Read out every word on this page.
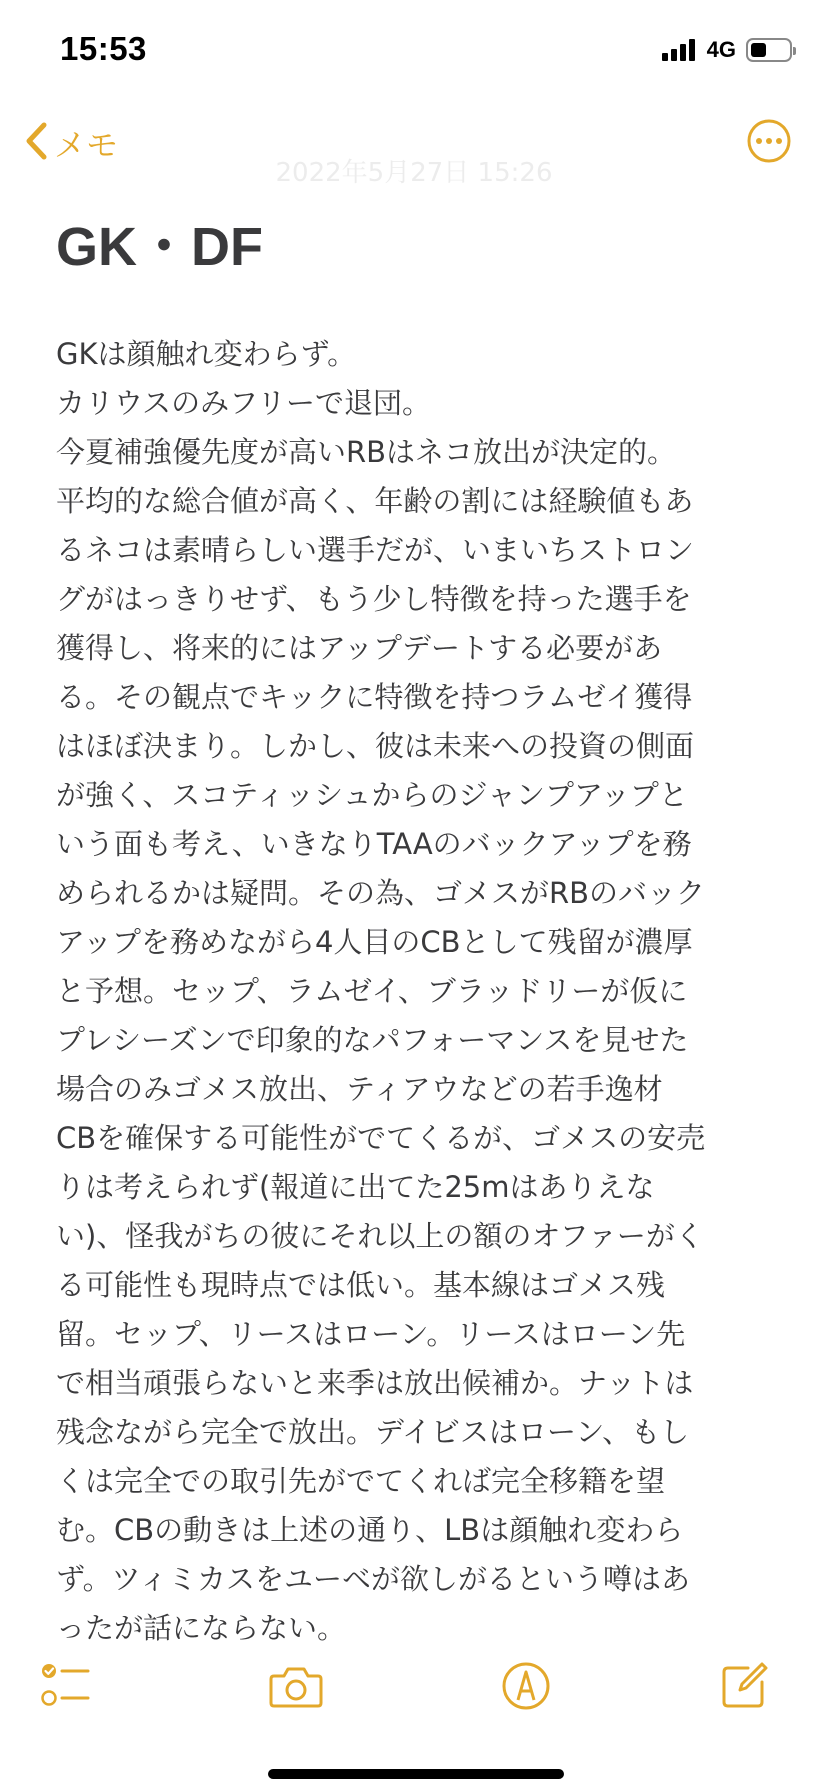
15:53	4G
メモ
2022年5月27日 15:26
GK・DF
GKは顔触れ変わらず。
カリウスのみフリーで退団。
今夏補強優先度が高いRBはネコ放出が決定的。
平均的な総合値が高く、年齢の割には経験値もあ
るネコは素晴らしい選手だが、いまいちストロン
グがはっきりせず、もう少し特徴を持った選手を
獲得し、将来的にはアップデートする必要があ
る。その観点でキックに特徴を持つラムゼイ獲得
はほぼ決まり。しかし、彼は未来への投資の側面
が強く、スコティッシュからのジャンプアップと
いう面も考え、いきなりTAAのバックアップを務
められるかは疑問。その為、ゴメスがRBのバック
アップを務めながら4人目のCBとして残留が濃厚
と予想。セップ、ラムゼイ、ブラッドリーが仮に
プレシーズンで印象的なパフォーマンスを見せた
場合のみゴメス放出、ティアウなどの若手逸材
CBを確保する可能性がでてくるが、ゴメスの安売
りは考えられず(報道に出てた25mはありえな
い)、怪我がちの彼にそれ以上の額のオファーがく
る可能性も現時点では低い。基本線はゴメス残
留。セップ、リースはローン。リースはローン先
で相当頑張らないと来季は放出候補か。ナットは
残念ながら完全で放出。デイビスはローン、もし
くは完全での取引先がでてくれば完全移籍を望
む。CBの動きは上述の通り、LBは顔触れ変わら
ず。ツィミカスをユーベが欲しがるという噂はあ
ったが話にならない。
